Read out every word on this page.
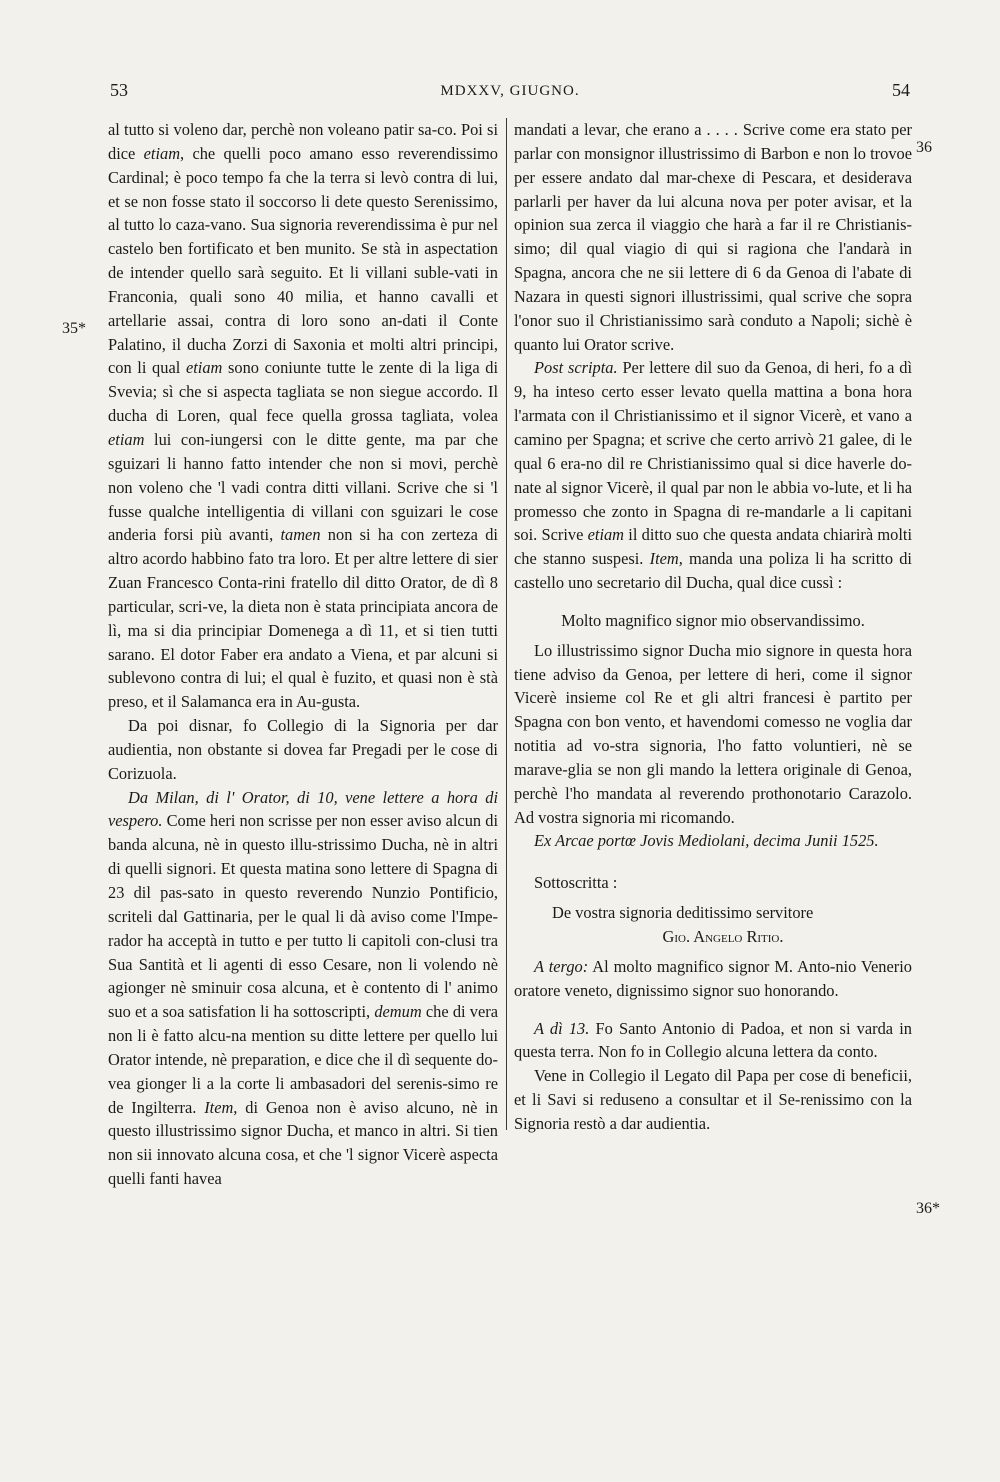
53	MDXXV, GIUGNO.	54
35*
36
36*

al tutto si voleno dar, perchè non voleano patir sa-co. Poi si dice etiam, che quelli poco amano esso reverendissimo Cardinal; è poco tempo fa che la terra si levò contra di lui, et se non fosse stato il soccorso li dete questo Serenissimo, al tutto lo caza-vano. Sua signoria reverendissima è pur nel castelo ben fortificato et ben munito. Se stà in aspectation de intender quello sarà seguito. Et li villani suble-vati in Franconia, quali sono 40 milia, et hanno cavalli et artellarie assai, contra di loro sono an-dati il Conte Palatino, il ducha Zorzi di Saxonia et molti altri principi, con li qual etiam sono coniunte tutte le zente di la liga di Svevia; sì che si aspecta tagliata se non siegue accordo. Il ducha di Loren, qual fece quella grossa tagliata, volea etiam lui con-iungersi con le ditte gente, ma par che sguizari li hanno fatto intender che non si movi, perchè non voleno che 'l vadi contra ditti villani. Scrive che si 'l fusse qualche intelligentia di villani con sguizari le cose anderia forsi più avanti, tamen non si ha con zerteza di altro acordo habbino fato tra loro. Et per altre lettere di sier Zuan Francesco Conta-rini fratello dil ditto Orator, de dì 8 particular, scri-ve, la dieta non è stata principiata ancora de lì, ma si dia principiar Domenega a dì 11, et si tien tutti sarano. El dotor Faber era andato a Viena, et par alcuni si sublevono contra di lui; el qual è fuzito, et quasi non è stà preso, et il Salamanca era in Au-gusta.

Da poi disnar, fo Collegio di la Signoria per dar audientia, non obstante si dovea far Pregadi per le cose di Corizuola.

Da Milan, di l' Orator, di 10, vene lettere a hora di vespero. Come heri non scrisse per non esser aviso alcun di banda alcuna, nè in questo illu-strissimo Ducha, nè in altri di quelli signori. Et questa matina sono lettere di Spagna di 23 dil pas-sato in questo reverendo Nunzio Pontificio, scriteli dal Gattinaria, per le qual li dà aviso come l'Impe-rador ha acceptà in tutto e per tutto li capitoli con-clusi tra Sua Santità et li agenti di esso Cesare, non li volendo nè agionger nè sminuir cosa alcuna, et è contento di l' animo suo et a soa satisfation li ha sottoscripti, demum che di vera non li è fatto alcu-na mention su ditte lettere per quello lui Orator intende, nè preparation, e dice che il dì sequente do-vea gionger li a la corte li ambasadori del serenis-simo re de Ingilterra. Item, di Genoa non è aviso alcuno, nè in questo illustrissimo signor Ducha, et manco in altri. Si tien non sii innovato alcuna cosa, et che 'l signor Vicerè aspecta quelli fanti havea

mandati a levar, che erano a . . . . Scrive come era stato per parlar con monsignor illustrissimo di Barbon e non lo trovoe per essere andato dal mar-chexe di Pescara, et desiderava parlarli per haver da lui alcuna nova per poter avisar, et la opinion sua zerca il viaggio che harà a far il re Christianis-simo; dil qual viagio di qui si ragiona che l'andarà in Spagna, ancora che ne sii lettere di 6 da Genoa di l'abate di Nazara in questi signori illustrissimi, qual scrive che sopra l'onor suo il Christianissimo sarà conduto a Napoli; sichè è quanto lui Orator scrive.

Post scripta. Per lettere dil suo da Genoa, di heri, fo a dì 9, ha inteso certo esser levato quella mattina a bona hora l'armata con il Christianissimo et il signor Vicerè, et vano a camino per Spagna; et scrive che certo arrivò 21 galee, di le qual 6 era-no dil re Christianissimo qual si dice haverle do-nate al signor Vicerè, il qual par non le abbia vo-lute, et li ha promesso che zonto in Spagna di re-mandarle a li capitani soi. Scrive etiam il ditto suo che questa andata chiarirà molti che stanno suspesi. Item, manda una poliza li ha scritto di castello uno secretario dil Ducha, qual dice cussì :

Molto magnifico signor mio observandissimo.

Lo illustrissimo signor Ducha mio signore in questa hora tiene adviso da Genoa, per lettere di heri, come il signor Vicerè insieme col Re et gli altri francesi è partito per Spagna con bon vento, et havendomi comesso ne voglia dar notitia ad vo-stra signoria, l'ho fatto voluntieri, nè se marave-glia se non gli mando la lettera originale di Genoa, perchè l'ho mandata al reverendo prothonotario Carazolo. Ad vostra signoria mi ricomando.

Ex Arcae portœ Jovis Mediolani, decima Junii 1525.

Sottoscritta :

De vostra signoria deditissimo servitore

Gio. Angelo Ritio.

A tergo: Al molto magnifico signor M. Anto-nio Venerio oratore veneto, dignissimo signor suo honorando.

A dì 13. Fo Santo Antonio di Padoa, et non si varda in questa terra. Non fo in Collegio alcuna lettera da conto.

Vene in Collegio il Legato dil Papa per cose di beneficii, et li Savi si reduseno a consultar et il Se-renissimo con la Signoria restò a dar audientia.
